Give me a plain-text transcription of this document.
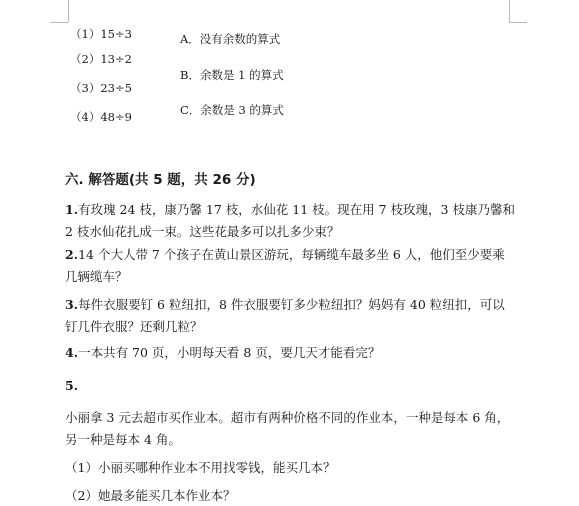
（1）15÷3
（2）13÷2
（3）23÷5
（4）48÷9
A．没有余数的算式
B．余数是 1 的算式
C．余数是 3 的算式
六. 解答题(共 5 题，共 26 分)
1.有玫瑰 24 枝，康乃馨 17 枝，水仙花 11 枝。现在用 7 枝玫瑰，3 枝康乃馨和 2 枝水仙花扎成一束。这些花最多可以扎多少束？
2.14 个大人带 7 个孩子在黄山景区游玩，每辆缆车最多坐 6 人，他们至少要乘几辆缆车？
3.每件衣服要钉 6 粒纽扣，8 件衣服要钉多少粒纽扣？妈妈有 40 粒纽扣，可以钉几件衣服？还剩几粒？
4.一本共有 70 页，小明每天看 8 页，要几天才能看完？
5.
小丽拿 3 元去超市买作业本。超市有两种价格不同的作业本，一种是每本 6 角，另一种是每本 4 角。
（1）小丽买哪种作业本不用找零钱，能买几本？
（2）她最多能买几本作业本？
